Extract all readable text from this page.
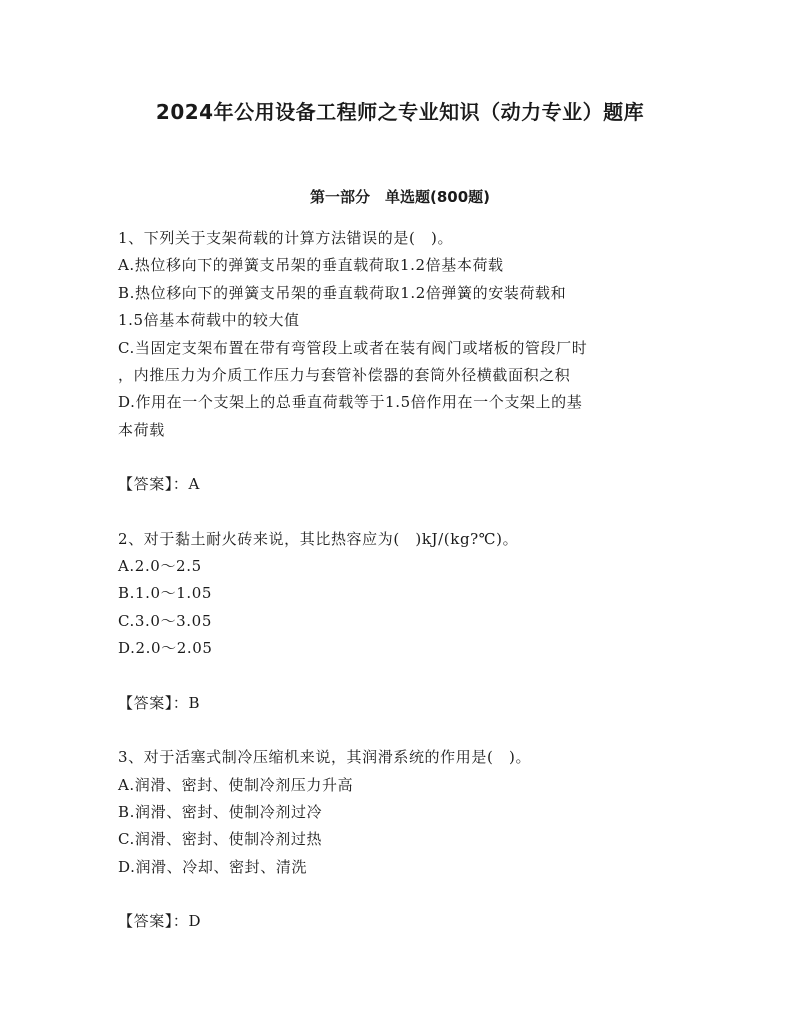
2024年公用设备工程师之专业知识（动力专业）题库
第一部分　单选题(800题)
1、下列关于支架荷载的计算方法错误的是(　)。
A.热位移向下的弹簧支吊架的垂直载荷取1.2倍基本荷载
B.热位移向下的弹簧支吊架的垂直载荷取1.2倍弹簧的安装荷载和
1.5倍基本荷载中的较大值
C.当固定支架布置在带有弯管段上或者在装有阀门或堵板的管段厂时
，内推压力为介质工作压力与套管补偿器的套筒外径横截面积之积
D.作用在一个支架上的总垂直荷载等于1.5倍作用在一个支架上的基
本荷载
【答案】：A
2、对于黏土耐火砖来说，其比热容应为(　)kJ/(kg?℃)。
A.2.0～2.5
B.1.0～1.05
C.3.0～3.05
D.2.0～2.05
【答案】：B
3、对于活塞式制冷压缩机来说，其润滑系统的作用是(　)。
A.润滑、密封、使制冷剂压力升高
B.润滑、密封、使制冷剂过冷
C.润滑、密封、使制冷剂过热
D.润滑、冷却、密封、清洗
【答案】：D
